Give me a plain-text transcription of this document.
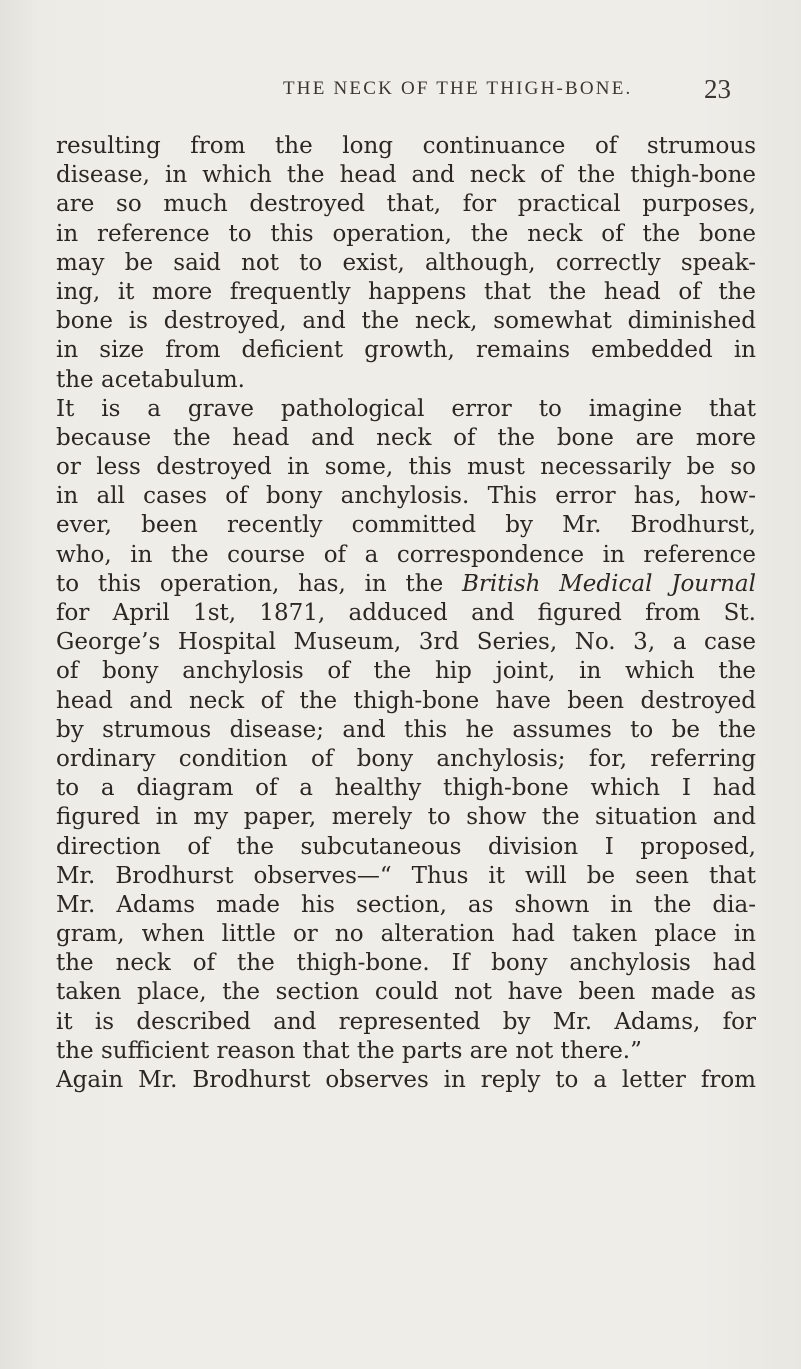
THE NECK OF THE THIGH-BONE.	23
resulting from the long continuance of strumous
disease, in which the head and neck of the thigh-bone
are so much destroyed that, for practical purposes,
in reference to this operation, the neck of the bone
may be said not to exist, although, correctly speak-
ing, it more frequently happens that the head of the
bone is destroyed, and the neck, somewhat diminished
in size from deficient growth, remains embedded in
the acetabulum.
It is a grave pathological error to imagine that
because the head and neck of the bone are more
or less destroyed in some, this must necessarily be so
in all cases of bony anchylosis. This error has, how-
ever, been recently committed by Mr. Brodhurst,
who, in the course of a correspondence in reference
to this operation, has, in the British Medical Journal
for April 1st, 1871, adduced and figured from St.
George’s Hospital Museum, 3rd Series, No. 3, a case
of bony anchylosis of the hip joint, in which the
head and neck of the thigh-bone have been destroyed
by strumous disease; and this he assumes to be the
ordinary condition of bony anchylosis; for, referring
to a diagram of a healthy thigh-bone which I had
figured in my paper, merely to show the situation and
direction of the subcutaneous division I proposed,
Mr. Brodhurst observes—“ Thus it will be seen that
Mr. Adams made his section, as shown in the dia-
gram, when little or no alteration had taken place in
the neck of the thigh-bone. If bony anchylosis had
taken place, the section could not have been made as
it is described and represented by Mr. Adams, for
the sufficient reason that the parts are not there.”
Again Mr. Brodhurst observes in reply to a letter from
